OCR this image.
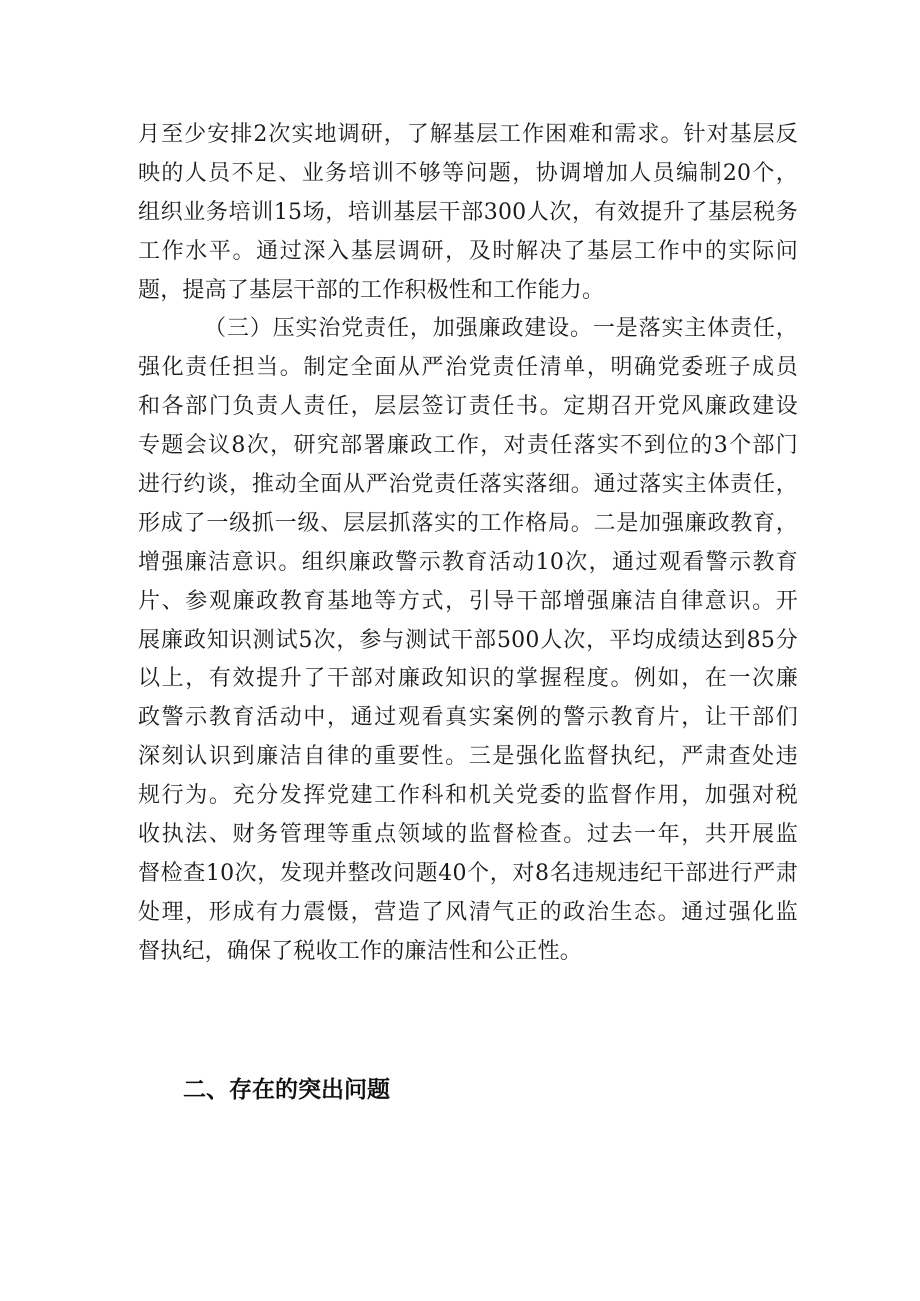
月至少安排2次实地调研，了解基层工作困难和需求。针对基层反
映的人员不足、业务培训不够等问题，协调增加人员编制20个，
组织业务培训15场，培训基层干部300人次，有效提升了基层税务
工作水平。通过深入基层调研，及时解决了基层工作中的实际问
题，提高了基层干部的工作积极性和工作能力。
（三）压实治党责任，加强廉政建设。一是落实主体责任，
强化责任担当。制定全面从严治党责任清单，明确党委班子成员
和各部门负责人责任，层层签订责任书。定期召开党风廉政建设
专题会议8次，研究部署廉政工作，对责任落实不到位的3个部门
进行约谈，推动全面从严治党责任落实落细。通过落实主体责任，
形成了一级抓一级、层层抓落实的工作格局。二是加强廉政教育，
增强廉洁意识。组织廉政警示教育活动10次，通过观看警示教育
片、参观廉政教育基地等方式，引导干部增强廉洁自律意识。开
展廉政知识测试5次，参与测试干部500人次，平均成绩达到85分
以上，有效提升了干部对廉政知识的掌握程度。例如，在一次廉
政警示教育活动中，通过观看真实案例的警示教育片，让干部们
深刻认识到廉洁自律的重要性。三是强化监督执纪，严肃查处违
规行为。充分发挥党建工作科和机关党委的监督作用，加强对税
收执法、财务管理等重点领域的监督检查。过去一年，共开展监
督检查10次，发现并整改问题40个，对8名违规违纪干部进行严肃
处理，形成有力震慑，营造了风清气正的政治生态。通过强化监
督执纪，确保了税收工作的廉洁性和公正性。
二、存在的突出问题
